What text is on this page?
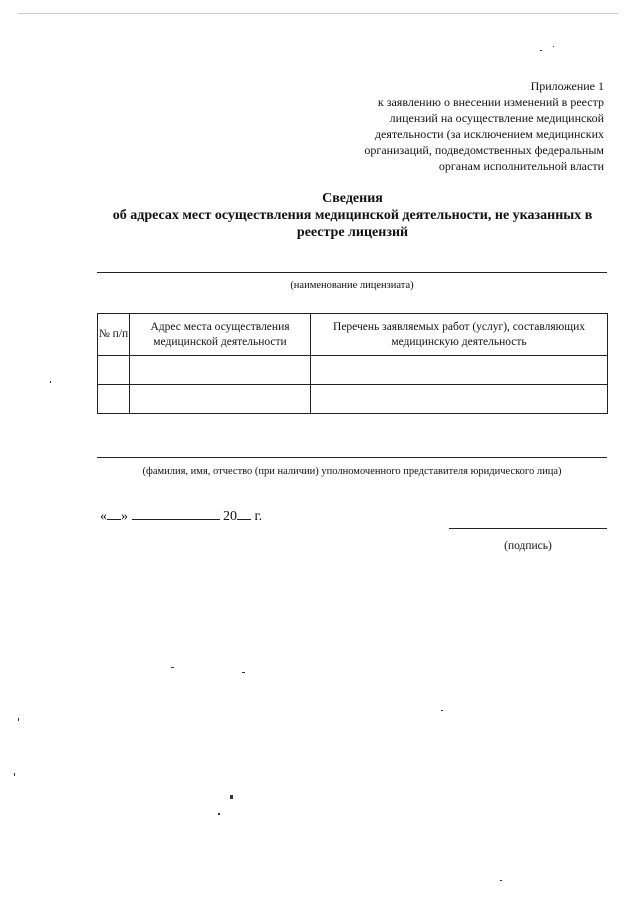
Приложение 1
к заявлению о внесении изменений в реестр
лицензий на осуществление медицинской
деятельности (за исключением медицинских
организаций, подведомственных федеральным
органам исполнительной власти
Сведения
об адресах мест осуществления медицинской деятельности, не указанных в
реестре лицензий
(наименование лицензиата)
№ п/п	Адрес места осуществления медицинской деятельности	Перечень заявляемых работ (услуг), составляющих медицинскую деятельность

(фамилия, имя, отчество (при наличии) уполномоченного представителя юридического лица)
« »	20 г.
(подпись)
